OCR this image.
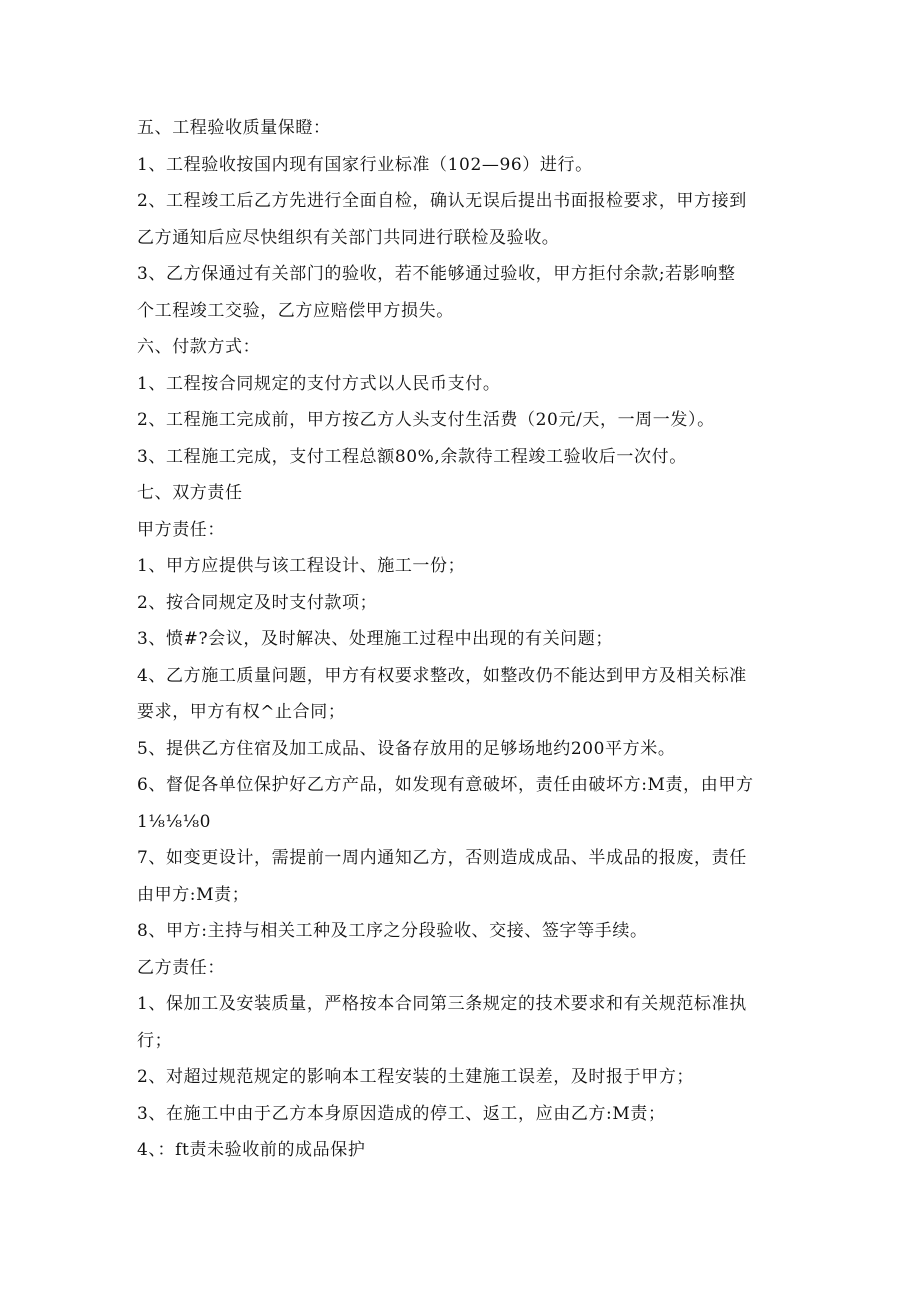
五、工程验收质量保瞪：
1、工程验收按国内现有国家行业标准（102—96）进行。
2、工程竣工后乙方先进行全面自检，确认无误后提出书面报检要求，甲方接到
乙方通知后应尽快组织有关部门共同进行联检及验收。
3、乙方保通过有关部门的验收，若不能够通过验收，甲方拒付余款;若影响整
个工程竣工交验，乙方应赔偿甲方损失。
六、付款方式：
1、工程按合同规定的支付方式以人民币支付。
2、工程施工完成前，甲方按乙方人头支付生活费（20元/天，一周一发）。
3、工程施工完成，支付工程总额80%,余款待工程竣工验收后一次付。
七、双方责任
甲方责任：
1、甲方应提供与该工程设计、施工一份；
2、按合同规定及时支付款项；
3、愤#?会议，及时解决、处理施工过程中出现的有关问题；
4、乙方施工质量问题，甲方有权要求整改，如整改仍不能达到甲方及相关标准
要求，甲方有权^止合同；
5、提供乙方住宿及加工成品、设备存放用的足够场地约200平方米。
6、督促各单位保护好乙方产品，如发现有意破坏，责任由破坏方:M责，由甲方
1⅛⅛⅛0
7、如变更设计，需提前一周内通知乙方，否则造成成品、半成品的报废，责任
由甲方:M责；
8、甲方:主持与相关工种及工序之分段验收、交接、签字等手续。
乙方责任：
1、保加工及安装质量，严格按本合同第三条规定的技术要求和有关规范标准执
行；
2、对超过规范规定的影响本工程安装的土建施工误差，及时报于甲方；
3、在施工中由于乙方本身原因造成的停工、返工，应由乙方:M责；
4、：ft责未验收前的成品保护
